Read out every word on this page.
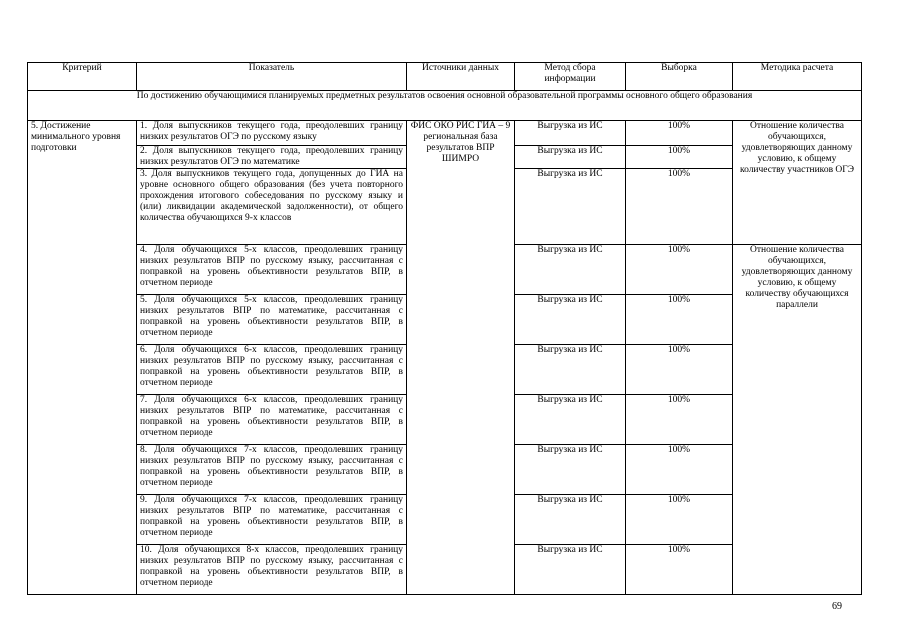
Критерий	Показатель	Источники данных	Метод сбора информации	Выборка	Методика расчета
По достижению обучающимися планируемых предметных результатов освоения основной образовательной программы основного общего образования					
5. Достижение минимального уровня подготовки	1. Доля выпускников текущего года, преодолевших границу низких результатов ОГЭ по русскому языку	ФИС ОКО РИС ГИА – 9 региональная база результатов ВПР ШИМРО	Выгрузка из ИС	100%	Отношение количества обучающихся, удовлетворяющих данному условию, к общему количеству участников ОГЭ
	2. Доля выпускников текущего года, преодолевших границу низких результатов ОГЭ по математике		Выгрузка из ИС	100%	
	3. Доля выпускников текущего года, допущенных до ГИА на уровне основного общего образования (без учета повторного прохождения итогового собеседования по русскому языку и (или) ликвидации академической задолженности), от общего количества обучающихся 9-х классов		Выгрузка из ИС	100%	
	4. Доля обучающихся 5-х классов, преодолевших границу низких результатов ВПР по русскому языку, рассчитанная с поправкой на уровень объективности результатов ВПР, в отчетном периоде		Выгрузка из ИС	100%	Отношение количества обучающихся, удовлетворяющих данному условию, к общему количеству обучающихся параллели
	5. Доля обучающихся 5-х классов, преодолевших границу низких результатов ВПР по математике, рассчитанная с поправкой на уровень объективности результатов ВПР, в отчетном периоде		Выгрузка из ИС	100%	
	6. Доля обучающихся 6-х классов, преодолевших границу низких результатов ВПР по русскому языку, рассчитанная с поправкой на уровень объективности результатов ВПР, в отчетном периоде		Выгрузка из ИС	100%	
	7. Доля обучающихся 6-х классов, преодолевших границу низких результатов ВПР по математике, рассчитанная с поправкой на уровень объективности результатов ВПР, в отчетном периоде		Выгрузка из ИС	100%	
	8. Доля обучающихся 7-х классов, преодолевших границу низких результатов ВПР по русскому языку, рассчитанная с поправкой на уровень объективности результатов ВПР, в отчетном периоде		Выгрузка из ИС	100%	
	9. Доля обучающихся 7-х классов, преодолевших границу низких результатов ВПР по математике, рассчитанная с поправкой на уровень объективности результатов ВПР, в отчетном периоде		Выгрузка из ИС	100%	
	10. Доля обучающихся 8-х классов, преодолевших границу низких результатов ВПР по русскому языку, рассчитанная с поправкой на уровень объективности результатов ВПР, в отчетном периоде		Выгрузка из ИС	100%	
69
